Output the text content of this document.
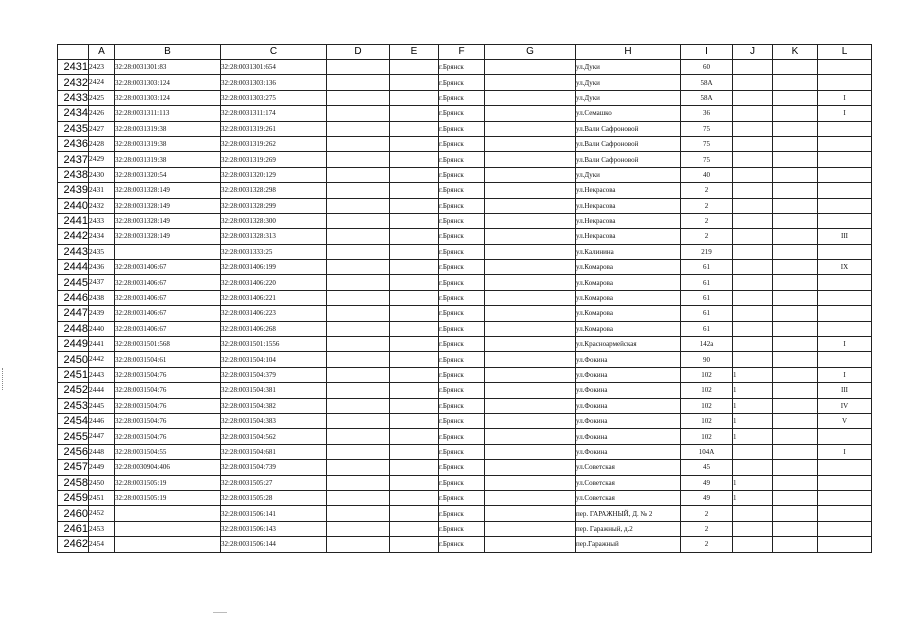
	A	B	C	D	E	F	G	H	I	J	K	L
2431	2423	32:28:0031301:83	32:28:0031301:654			г.Брянск		ул.Дуки	60			
2432	2424	32:28:0031303:124	32:28:0031303:136			г.Брянск		ул.Дуки	58А			
2433	2425	32:28:0031303:124	32:28:0031303:275			г.Брянск		ул.Дуки	58А			I
2434	2426	32:28:0031311:113	32:28:0031311:174			г.Брянск		ул.Семашко	36			I
2435	2427	32:28:0031319:38	32:28:0031319:261			г.Брянск		ул.Вали Сафроновой	75			
2436	2428	32:28:0031319:38	32:28:0031319:262			г.Брянск		ул.Вали Сафроновой	75			
2437	2429	32:28:0031319:38	32:28:0031319:269			г.Брянск		ул.Вали Сафроновой	75			
2438	2430	32:28:0031320:54	32:28:0031320:129			г.Брянск		ул.Дуки	40			
2439	2431	32:28:0031328:149	32:28:0031328:298			г.Брянск		ул.Некрасова	2			
2440	2432	32:28:0031328:149	32:28:0031328:299			г.Брянск		ул.Некрасова	2			
2441	2433	32:28:0031328:149	32:28:0031328:300			г.Брянск		ул.Некрасова	2			
2442	2434	32:28:0031328:149	32:28:0031328:313			г.Брянск		ул.Некрасова	2			III
2443	2435		32:28:0031333:25			г.Брянск		ул.Калинина	219			
2444	2436	32:28:0031406:67	32:28:0031406:199			г.Брянск		ул.Комарова	61			IX
2445	2437	32:28:0031406:67	32:28:0031406:220			г.Брянск		ул.Комарова	61			
2446	2438	32:28:0031406:67	32:28:0031406:221			г.Брянск		ул.Комарова	61			
2447	2439	32:28:0031406:67	32:28:0031406:223			г.Брянск		ул.Комарова	61			
2448	2440	32:28:0031406:67	32:28:0031406:268			г.Брянск		ул.Комарова	61			
2449	2441	32:28:0031501:568	32:28:0031501:1556			г.Брянск		ул.Красноармейская	142а			I
2450	2442	32:28:0031504:61	32:28:0031504:104			г.Брянск		ул.Фокина	90			
2451	2443	32:28:0031504:76	32:28:0031504:379			г.Брянск		ул.Фокина	102	1		I
2452	2444	32:28:0031504:76	32:28:0031504:381			г.Брянск		ул.Фокина	102	1		III
2453	2445	32:28:0031504:76	32:28:0031504:382			г.Брянск		ул.Фокина	102	1		IV
2454	2446	32:28:0031504:76	32:28:0031504:383			г.Брянск		ул.Фокина	102	1		V
2455	2447	32:28:0031504:76	32:28:0031504:562			г.Брянск		ул.Фокина	102	1		
2456	2448	32:28:0031504:55	32:28:0031504:681			г.Брянск		ул.Фокина	104А			I
2457	2449	32:28:0030904:406	32:28:0031504:739			г.Брянск		ул.Советская	45			
2458	2450	32:28:0031505:19	32:28:0031505:27			г.Брянск		ул.Советская	49	1		
2459	2451	32:28:0031505:19	32:28:0031505:28			г.Брянск		ул.Советская	49	1		
2460	2452		32:28:0031506:141			г.Брянск		пер. ГАРАЖНЫЙ, Д. № 2	2			
2461	2453		32:28:0031506:143			г.Брянск		пер. Гаражный, д.2	2			
2462	2454		32:28:0031506:144			г.Брянск		пер.Гаражный	2			
